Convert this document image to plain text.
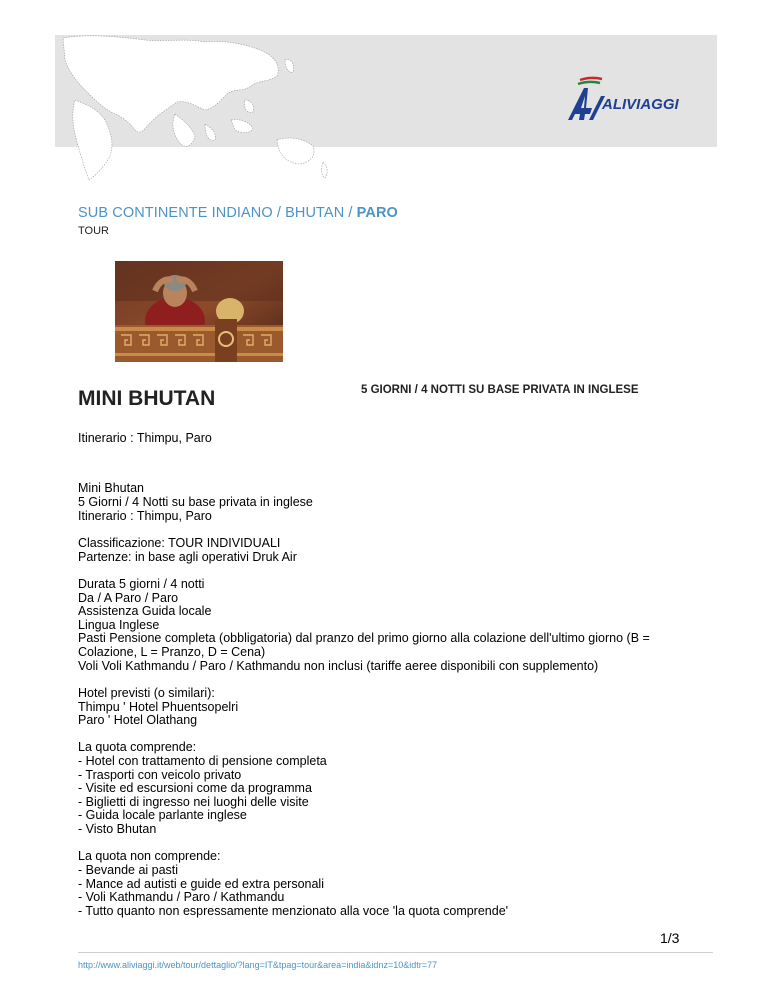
ALIVIAGGI
SUB CONTINENTE INDIANO / BHUTAN / PARO
TOUR
MINI BHUTAN	5 GIORNI / 4 NOTTI SU BASE PRIVATA IN INGLESE

Itinerario : Thimpu, Paro

Mini Bhutan
5 Giorni / 4 Notti su base privata in inglese
Itinerario : Thimpu, Paro

Classificazione: TOUR INDIVIDUALI
Partenze: in base agli operativi Druk Air

Durata 5 giorni / 4 notti
Da / A Paro / Paro
Assistenza Guida locale
Lingua Inglese
Pasti Pensione completa (obbligatoria) dal pranzo del primo giorno alla colazione dell'ultimo giorno (B = Colazione, L = Pranzo, D = Cena)
Voli Voli Kathmandu / Paro / Kathmandu non inclusi (tariffe aeree disponibili con supplemento)

Hotel previsti (o similari):
Thimpu ' Hotel Phuentsopelri
Paro ' Hotel Olathang

La quota comprende:
- Hotel con trattamento di pensione completa
- Trasporti con veicolo privato
- Visite ed escursioni come da programma
- Biglietti di ingresso nei luoghi delle visite
- Guida locale parlante inglese
- Visto Bhutan

La quota non comprende:
- Bevande ai pasti
- Mance ad autisti e guide ed extra personali
- Voli Kathmandu / Paro / Kathmandu
- Tutto quanto non espressamente menzionato alla voce 'la quota comprende'

1/3
http://www.aliviaggi.it/web/tour/dettaglio/?lang=IT&tpag=tour&area=india&idnz=10&idtr=77
